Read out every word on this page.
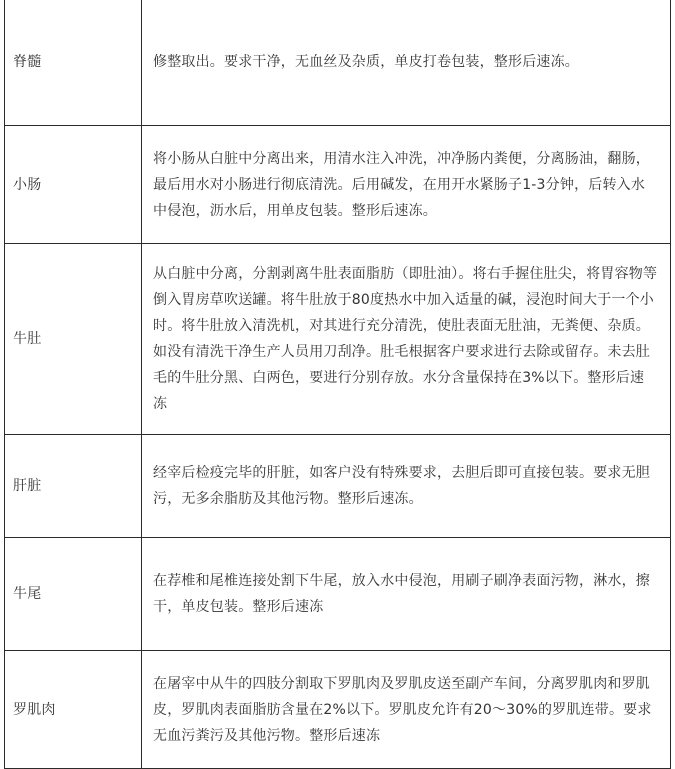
脊髓	修整取出。要求干净，无血丝及杂质，单皮打卷包装，整形后速冻。
小肠	将小肠从白脏中分离出来，用清水注入冲洗，冲净肠内粪便，分离肠油，翻肠，最后用水对小肠进行彻底清洗。后用碱发，在用开水紧肠子1-3分钟，后转入水中侵泡，沥水后，用单皮包装。整形后速冻。
牛肚	从白脏中分离，分割剥离牛肚表面脂肪（即肚油）。将右手握住肚尖，将胃容物等倒入胃房草吹送罐。将牛肚放于80度热水中加入适量的碱，浸泡时间大于一个小时。将牛肚放入清洗机，对其进行充分清洗，使肚表面无肚油，无粪便、杂质。如没有清洗干净生产人员用刀刮净。肚毛根据客户要求进行去除或留存。未去肚毛的牛肚分黑、白两色，要进行分别存放。水分含量保持在3%以下。整形后速冻
肝脏	经宰后检疫完毕的肝脏，如客户没有特殊要求，去胆后即可直接包装。要求无胆污，无多余脂肪及其他污物。整形后速冻。
牛尾	在荐椎和尾椎连接处割下牛尾，放入水中侵泡，用刷子刷净表面污物，淋水，擦干，单皮包装。整形后速冻
罗肌肉	在屠宰中从牛的四肢分割取下罗肌肉及罗肌皮送至副产车间，分离罗肌肉和罗肌皮，罗肌肉表面脂肪含量在2%以下。罗肌皮允许有20～30%的罗肌连带。要求无血污粪污及其他污物。整形后速冻
